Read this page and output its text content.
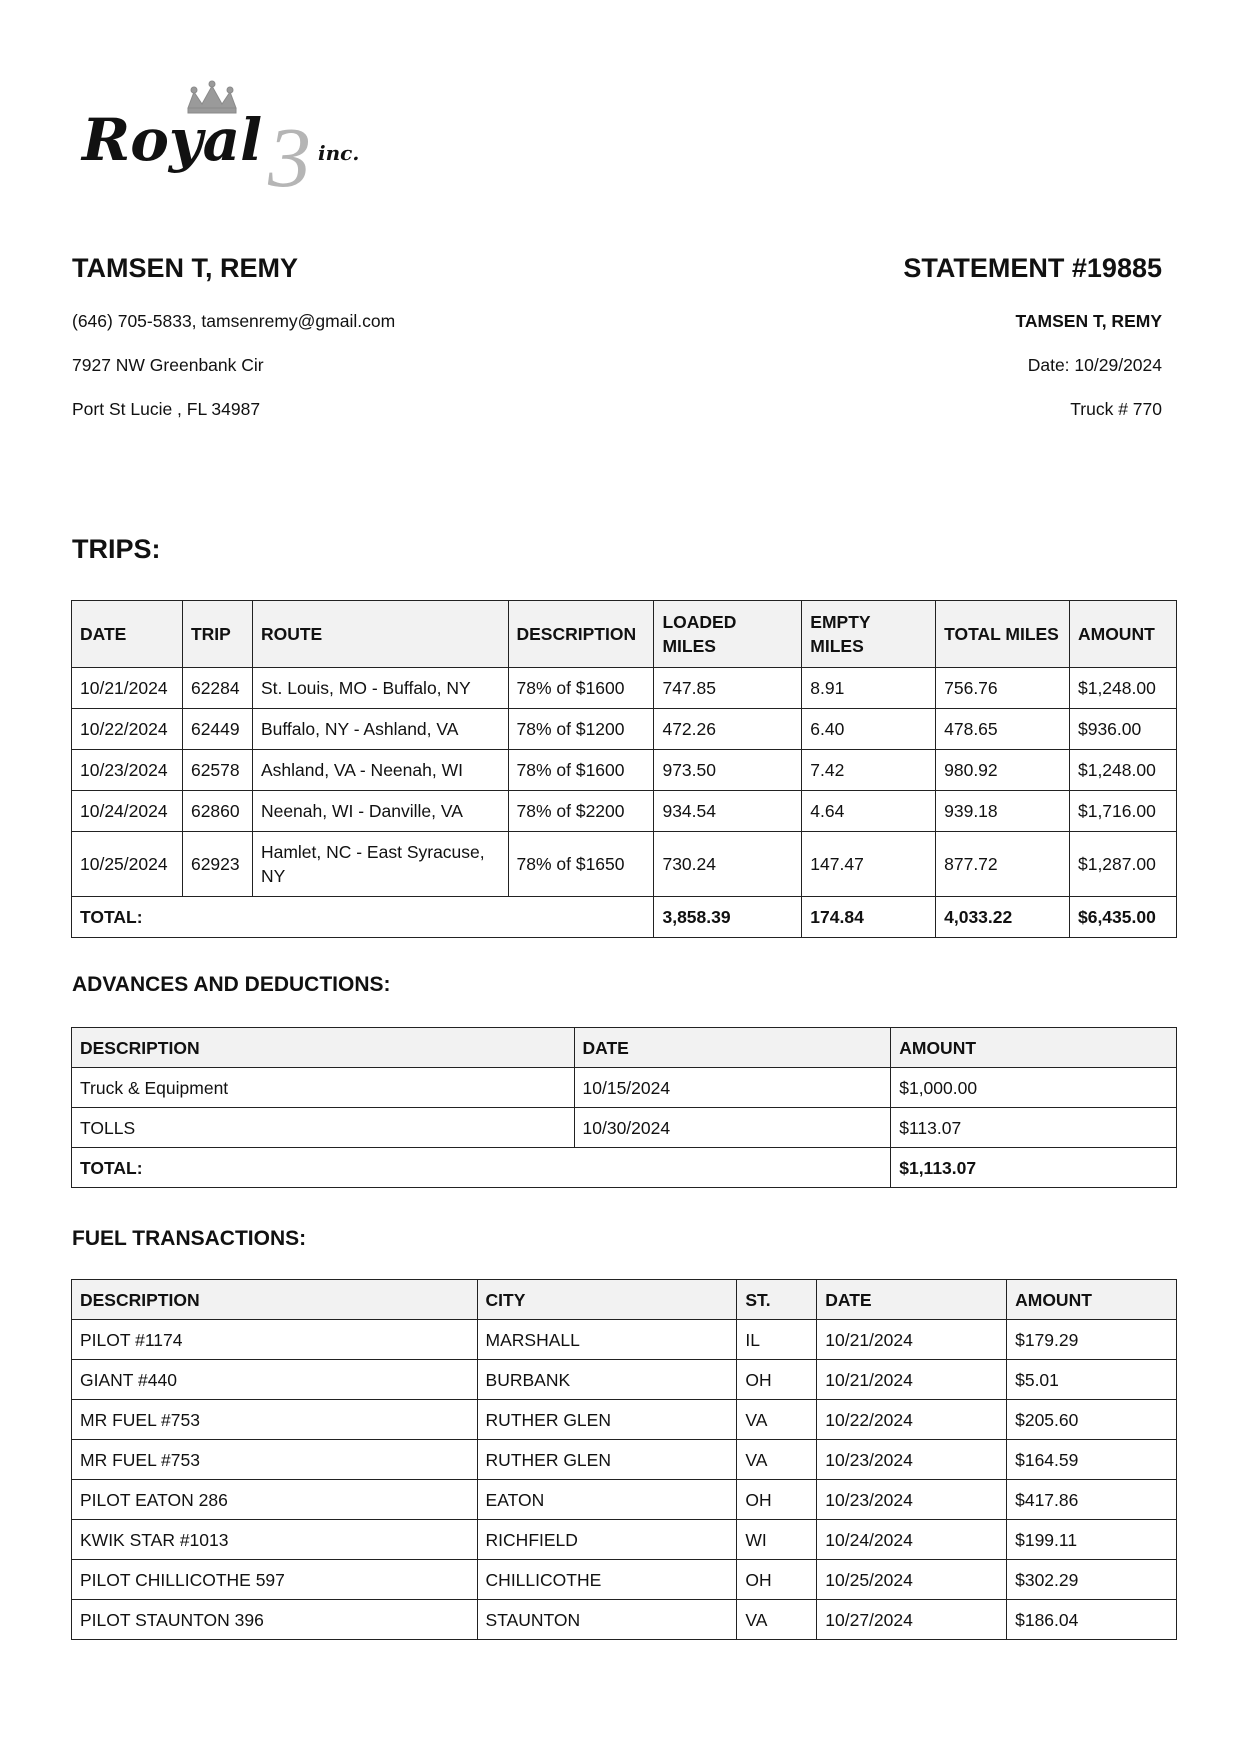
3
Royal	inc.
TAMSEN T, REMY
(646) 705-5833, tamsenremy@gmail.com
7927 NW Greenbank Cir
Port St Lucie , FL 34987
STATEMENT #19885
TAMSEN T, REMY
Date: 10/29/2024
Truck # 770
TRIPS:
DATE	TRIP	ROUTE	DESCRIPTION	LOADED MILES	EMPTY MILES	TOTAL MILES	AMOUNT
10/21/2024	62284	St. Louis, MO - Buffalo, NY	78% of $1600	747.85	8.91	756.76	$1,248.00
10/22/2024	62449	Buffalo, NY - Ashland, VA	78% of $1200	472.26	6.40	478.65	$936.00
10/23/2024	62578	Ashland, VA - Neenah, WI	78% of $1600	973.50	7.42	980.92	$1,248.00
10/24/2024	62860	Neenah, WI - Danville, VA	78% of $2200	934.54	4.64	939.18	$1,716.00
10/25/2024	62923	Hamlet, NC - East Syracuse, NY	78% of $1650	730.24	147.47	877.72	$1,287.00
TOTAL:				3,858.39	174.84	4,033.22	$6,435.00
ADVANCES AND DEDUCTIONS:
DESCRIPTION	DATE	AMOUNT
Truck & Equipment	10/15/2024	$1,000.00
TOLLS	10/30/2024	$113.07
TOTAL:		$1,113.07
FUEL TRANSACTIONS:
DESCRIPTION	CITY	ST.	DATE	AMOUNT
PILOT #1174	MARSHALL	IL	10/21/2024	$179.29
GIANT #440	BURBANK	OH	10/21/2024	$5.01
MR FUEL #753	RUTHER GLEN	VA	10/22/2024	$205.60
MR FUEL #753	RUTHER GLEN	VA	10/23/2024	$164.59
PILOT EATON 286	EATON	OH	10/23/2024	$417.86
KWIK STAR #1013	RICHFIELD	WI	10/24/2024	$199.11
PILOT CHILLICOTHE 597	CHILLICOTHE	OH	10/25/2024	$302.29
PILOT STAUNTON 396	STAUNTON	VA	10/27/2024	$186.04
